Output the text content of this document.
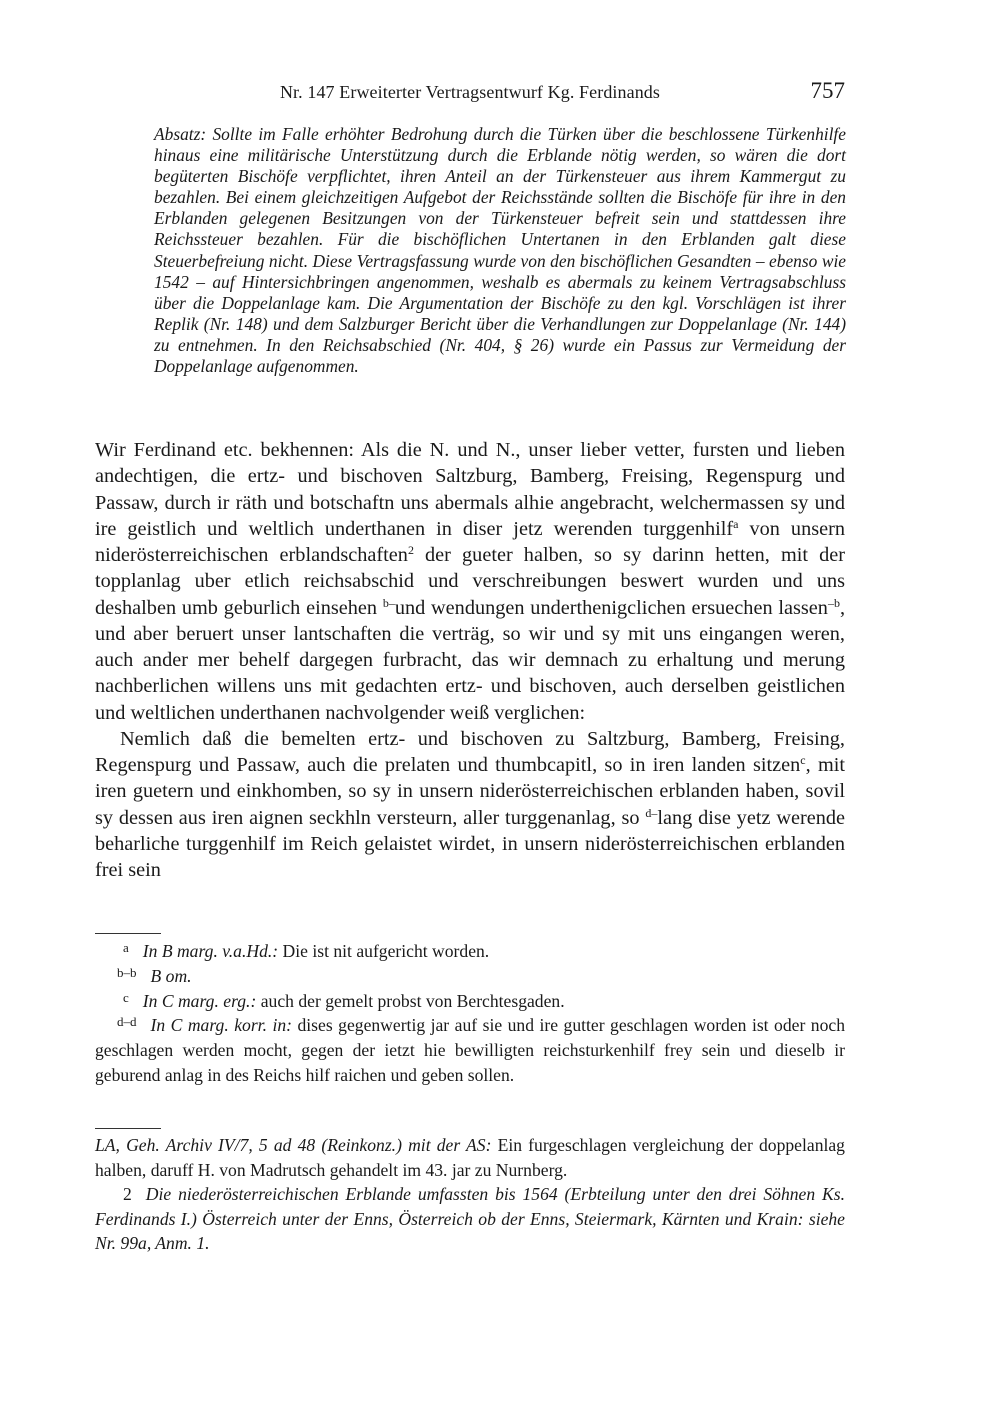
Nr. 147 Erweiterter Vertragsentwurf Kg. Ferdinands	757
Absatz: Sollte im Falle erhöhter Bedrohung durch die Türken über die beschlossene Türkenhilfe hinaus eine militärische Unterstützung durch die Erblande nötig werden, so wären die dort begüterten Bischöfe verpflichtet, ihren Anteil an der Türkensteuer aus ihrem Kammergut zu bezahlen. Bei einem gleichzeitigen Aufgebot der Reichsstände sollten die Bischöfe für ihre in den Erblanden gelegenen Besitzungen von der Türkensteuer befreit sein und stattdessen ihre Reichssteuer bezahlen. Für die bischöflichen Untertanen in den Erblanden galt diese Steuerbefreiung nicht. Diese Vertragsfassung wurde von den bischöflichen Gesandten – ebenso wie 1542 – auf Hintersichbringen angenommen, weshalb es abermals zu keinem Vertragsabschluss über die Doppelanlage kam. Die Argumentation der Bischöfe zu den kgl. Vorschlägen ist ihrer Replik (Nr. 148) und dem Salzburger Bericht über die Verhandlungen zur Doppelanlage (Nr. 144) zu entnehmen. In den Reichsabschied (Nr. 404, § 26) wurde ein Passus zur Vermeidung der Doppelanlage aufgenommen.

Wir Ferdinand etc. bekhennen: Als die N. und N., unser lieber vetter, fursten und lieben andechtigen, die ertz- und bischoven Saltzburg, Bamberg, Freising, Regenspurg und Passaw, durch ir räth und botschaftn uns abermals alhie angebracht, welchermassen sy und ire geistlich und weltlich underthanen in diser jetz werenden turggenhilf$^a$ von unsern niderösterreichischen erblandschaften$^2$ der gueter halben, so sy darinn hetten, mit der topplanlag uber etlich reichsabschid und verschreibungen beswert wurden und uns deshalben umb geburlich einsehen $^{b-}$und wendungen underthenigclichen ersuechen lassen$^{-b}$, und aber beruert unser lantschaften die verträg, so wir und sy mit uns eingangen weren, auch ander mer behelf dargegen furbracht, das wir demnach zu erhaltung und merung nachberlichen willens uns mit gedachten ertz- und bischoven, auch derselben geistlichen und weltlichen underthanen nachvolgender weiß verglichen:

Nemlich daß die bemelten ertz- und bischoven zu Saltzburg, Bamberg, Freising, Regenspurg und Passaw, auch die prelaten und thumbcapitl, so in iren landen sitzen$^c$, mit iren guetern und einkhomben, so sy in unsern niderösterreichischen erblanden haben, sovil sy dessen aus iren aignen seckhln versteurn, aller turggenanlag, so $^{d-}$lang dise yetz werende beharliche turggenhilf im Reich gelaistet wirdet, in unsern niderösterreichischen erblanden frei sein

a In B marg. v.a.Hd.: Die ist nit aufgericht worden.

b–b B om.

c In C marg. erg.: auch der gemelt probst von Berchtesgaden.

d–d In C marg. korr. in: dises gegenwertig jar auf sie und ire gutter geschlagen worden ist oder noch geschlagen werden mocht, gegen der ietzt hie bewilligten reichsturkenhilf frey sein und dieselb ir geburend anlag in des Reichs hilf raichen und geben sollen.

LA, Geh. Archiv IV/7, 5 ad 48 (Reinkonz.) mit der AS: Ein furgeschlagen vergleichung der doppelanlag halben, daruff H. von Madrutsch gehandelt im 43. jar zu Nurnberg.

2 Die niederösterreichischen Erblande umfassten bis 1564 (Erbteilung unter den drei Söhnen Ks. Ferdinands I.) Österreich unter der Enns, Österreich ob der Enns, Steiermark, Kärnten und Krain: siehe Nr. 99a, Anm. 1.
